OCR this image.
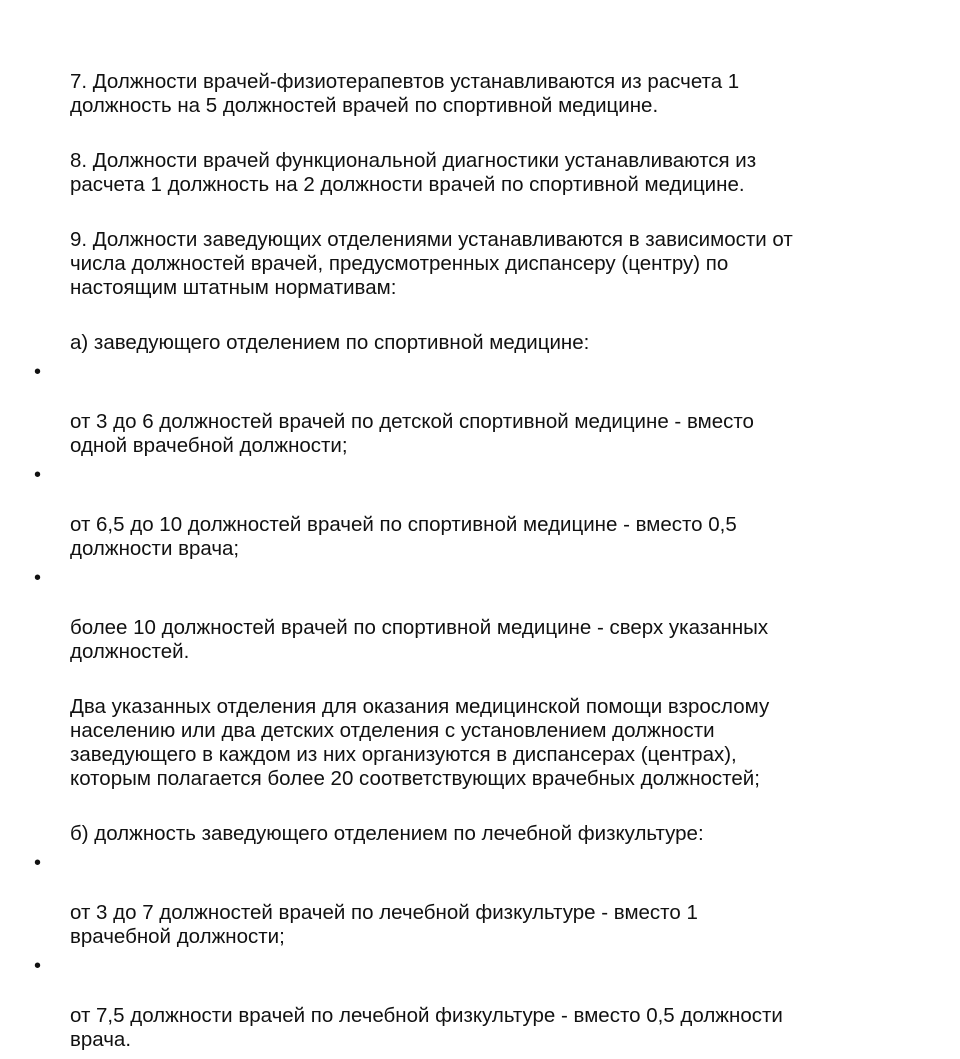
7. Должности врачей-физиотерапевтов устанавливаются из расчета 1
должность на 5 должностей врачей по спортивной медицине.

8. Должности врачей функциональной диагностики устанавливаются из
расчета 1 должность на 2 должности врачей по спортивной медицине.

9. Должности заведующих отделениями устанавливаются в зависимости от
числа должностей врачей, предусмотренных диспансеру (центру) по
настоящим штатным нормативам:

а) заведующего отделением по спортивной медицине:

•

от 3 до 6 должностей врачей по детской спортивной медицине - вместо
одной врачебной должности;

•

от 6,5 до 10 должностей врачей по спортивной медицине - вместо 0,5
должности врача;

•

более 10 должностей врачей по спортивной медицине - сверх указанных
должностей.

Два указанных отделения для оказания медицинской помощи взрослому
населению или два детских отделения с установлением должности
заведующего в каждом из них организуются в диспансерах (центрах),
которым полагается более 20 соответствующих врачебных должностей;

б) должность заведующего отделением по лечебной физкультуре:

•

от 3 до 7 должностей врачей по лечебной физкультуре - вместо 1
врачебной должности;

•

от 7,5 должности врачей по лечебной физкультуре - вместо 0,5 должности
врача.
